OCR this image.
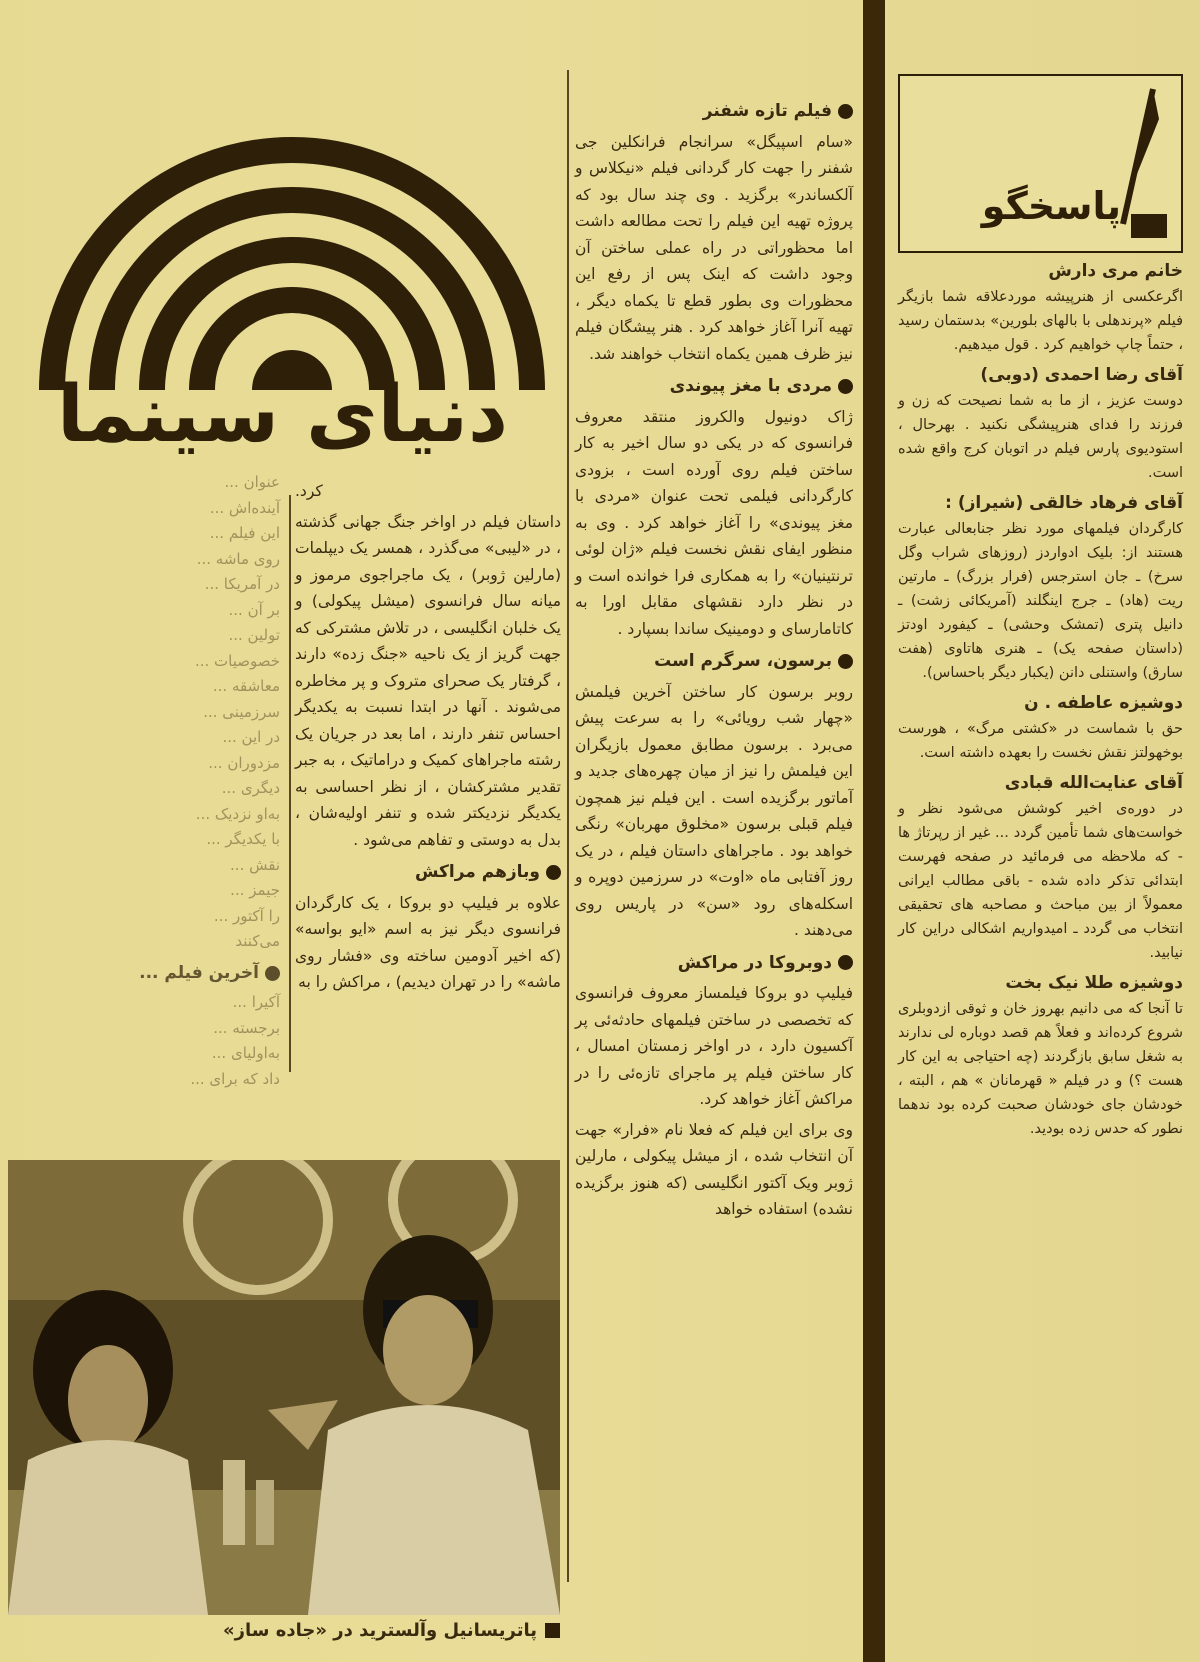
دنیای سینما
پاسخگو
خانم مری دارش
اگرعکسی از هنرپیشه موردعلاقه شما بازیگر فیلم «پرندهلی با بالهای بلورین» بدستمان رسید ، حتماً چاپ خواهیم کرد . قول میدهیم.
آقای رضا احمدی (دوبی)
دوست عزیز ، از ما به شما نصیحت که زن و فرزند را فدای هنرپیشگی نکنید . بهرحال ، استودیوی پارس فیلم در اتوبان کرج واقع شده است.
آقای فرهاد خالقی (شیراز) :
کارگردان فیلمهای مورد نظر جنابعالی عبارت هستند از: بلیک ادواردز (روزهای شراب وگل سرخ) ـ جان استرجس (فرار بزرگ) ـ مارتین ریت (هاد) ـ جرج اینگلند (آمریکائی زشت) ـ دانیل پتری (تمشک وحشی) ـ کیفورد اودتز (داستان صفحه یک) ـ هنری هاتاوی (هفت سارق) واستنلی دانن (یکبار دیگر باحساس).
دوشیزه عاطفه . ن
حق با شماست در «کشتی مرگ» ، هورست بوخهولتز نقش نخست را بعهده داشته است.
آقای عنایت‌الله قبادی
در دوره‌ی اخیر کوشش می‌شود نظر و خواست‌های شما تأمین گردد ... غیر از رپرتاژ ها - که ملاحظه می فرمائید در صفحه فهرست ابتدائی تذکر داده شده - باقی مطالب ایرانی معمولاً از بین مباحث و مصاحبه های تحقیقی انتخاب می گردد ـ امیدواریم اشکالی دراین کار نیابید.
دوشیزه طلا نیک بخت
تا آنجا که می دانیم بهروز خان و ثوقی ازدوبلری شروع کرده‌اند و فعلاً هم قصد دوباره لی ندارند به شغل سابق بازگردند (چه احتیاجی به این کار هست ؟) و در فیلم « قهرمانان » هم ، البته ، خودشان جای خودشان صحبت کرده بود ندهما نطور که حدس زده بودید.
فیلم تازه شفنر

«سام اسپیگل» سرانجام فرانکلین جی شفنر را جهت کار گردانی فیلم «نیکلاس و آلکساندر» برگزید . وی چند سال بود که پروژه تهیه این فیلم را تحت مطالعه داشت اما محظوراتی در راه عملی ساختن آن وجود داشت که اینک پس از رفع این محظورات وی بطور قطع تا یکماه دیگر ، تهیه آنرا آغاز خواهد کرد . هنر پیشگان فیلم نیز ظرف همین یکماه انتخاب خواهند شد.

مردی با مغز پیوندی

ژاک دونیول والکروز منتقد معروف فرانسوی که در یکی دو سال اخیر به کار ساختن فیلم روی آورده است ، بزودی کارگردانی فیلمی تحت عنوان «مردی با مغز پیوندی» را آغاز خواهد کرد . وی به منظور ایفای نقش نخست فیلم «ژان لوئی ترنتینیان» را به همکاری فرا خوانده است و در نظر دارد نقشهای مقابل اورا به کاتامارسای و دومینیک ساندا بسپارد .

برسون، سرگرم است

روبر برسون کار ساختن آخرین فیلمش «چهار شب رویائی» را به سرعت پیش می‌برد . برسون مطابق معمول بازیگران این فیلمش را نیز از میان چهره‌های جدید و آماتور برگزیده است . این فیلم نیز همچون فیلم قبلی برسون «مخلوق مهربان» رنگی خواهد بود . ماجراهای داستان فیلم ، در یک روز آفتابی ماه «اوت» در سرزمین دوپره و اسکله‌های رود «سن» در پاریس روی می‌دهند .

دوبروکا در مراکش

فیلیپ دو بروکا فیلمساز معروف فرانسوی که تخصصی در ساختن فیلمهای حادثه‌ئی پر آکسیون دارد ، در اواخر زمستان امسال ، کار ساختن فیلم پر ماجرای تازه‌ئی را در مراکش آغاز خواهد کرد.

وی برای این فیلم که فعلا نام «فرار» جهت آن انتخاب شده ، از میشل پیکولی ، مارلین ژوبر ویک آکتور انگلیسی (که هنوز برگزیده نشده) استفاده خواهد

کرد.

داستان فیلم در اواخر جنگ جهانی گذشته ، در «لیبی» می‌گذرد ، همسر یک دیپلمات (مارلین ژوبر) ، یک ماجراجوی مرموز و میانه سال فرانسوی (میشل پیکولی) و یک خلبان انگلیسی ، در تلاش مشترکی که جهت گریز از یک ناحیه «جنگ زده» دارند ، گرفتار یک صحرای متروک و پر مخاطره می‌شوند . آنها در ابتدا نسبت به یکدیگر احساس تنفر دارند ، اما بعد در جریان یک رشته ماجراهای کمیک و دراماتیک ، به جبر تقدیر مشترکشان ، از نظر احساسی به یکدیگر نزدیکتر شده و تنفر اولیه‌شان ، بدل به دوستی و تفاهم می‌شود .

وبازهم مراکش

علاوه بر فیلیپ دو بروکا ، یک کارگردان فرانسوی دیگر نیز به اسم «ایو بواسه» (که اخیر آدومین ساخته وی «فشار روی ماشه» را در تهران دیدیم) ، مراکش را به

عنوان ...
آینده‌اش ...
این فیلم ...
روی ماشه ...
در آمریکا ...
بر آن ...
تولین ...
خصوصیات ...
معاشقه ...
سرزمینی ...
در این ...
مزدوران ...
دیگری ...
به‌او نزدیک ...
با یکدیگر ...
نقش ...
جیمز ...
را آکتور ...
می‌کنند
آخرین فیلم ...
آکیرا ...
برجسته ...
به‌اولیای ...
داد که برای ...
پاتریسانیل وآلسترید در «جاده ساز»
